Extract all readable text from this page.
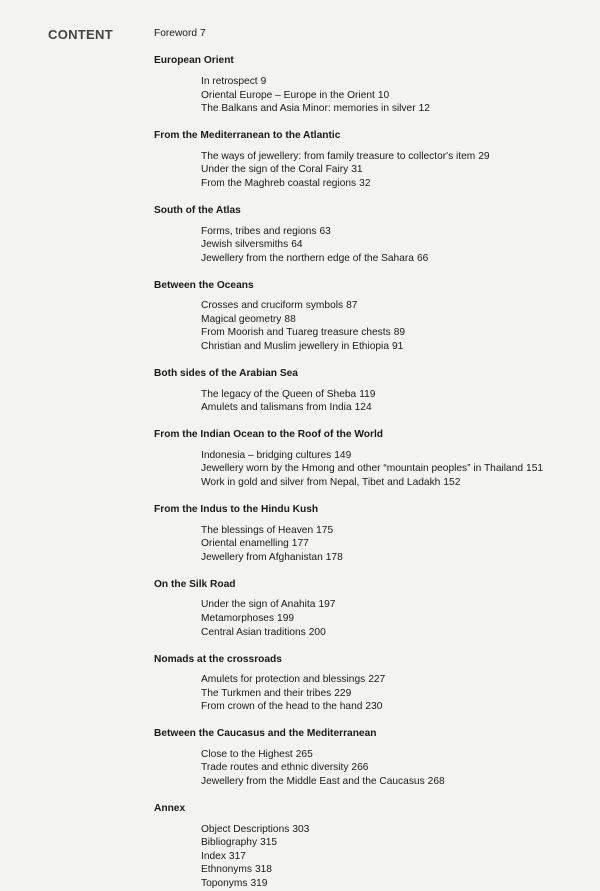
CONTENT	Foreword 7
European Orient
In retrospect 9
Oriental Europe – Europe in the Orient 10
The Balkans and Asia Minor: memories in silver 12
From the Mediterranean to the Atlantic
The ways of jewellery: from family treasure to collector's item 29
Under the sign of the Coral Fairy 31
From the Maghreb coastal regions 32
South of the Atlas
Forms, tribes and regions 63
Jewish silversmiths 64
Jewellery from the northern edge of the Sahara 66
Between the Oceans
Crosses and cruciform symbols 87
Magical geometry 88
From Moorish and Tuareg treasure chests 89
Christian and Muslim jewellery in Ethiopia 91
Both sides of the Arabian Sea
The legacy of the Queen of Sheba 119
Amulets and talismans from India 124
From the Indian Ocean to the Roof of the World
Indonesia – bridging cultures 149
Jewellery worn by the Hmong and other “mountain peoples” in Thailand 151
Work in gold and silver from Nepal, Tibet and Ladakh 152
From the Indus to the Hindu Kush
The blessings of Heaven 175
Oriental enamelling 177
Jewellery from Afghanistan 178
On the Silk Road
Under the sign of Anahita 197
Metamorphoses 199
Central Asian traditions 200
Nomads at the crossroads
Amulets for protection and blessings 227
The Turkmen and their tribes 229
From crown of the head to the hand 230
Between the Caucasus and the Mediterranean
Close to the Highest 265
Trade routes and ethnic diversity 266
Jewellery from the Middle East and the Caucasus 268
Annex
Object Descriptions 303
Bibliography 315
Index 317
Ethnonyms 318
Toponyms 319
